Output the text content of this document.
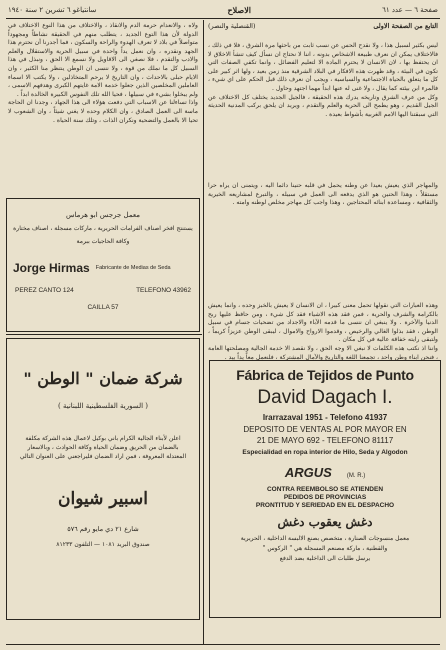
صفحة ٦ — عدد ٦١
الاصلاح
سانتياغو ٦ تشرين ٢ سنة ١٩٤٠
ولاه ، والانعدام حرمة الدم والانقاذ ، والاختلاف من هذا النوع الاختلاف في الدولة لأن هذا التوع الجديد ، يتطلب منهم في الحقيقة نشاطاً ومجهوداً متواصلاً في بلاد لا تعرف الهدوء والراحة والسكون ، فما أجدرنا أن نحترم هذا الجهد ونقدره ، وان نعمل يداً واحدة في سبيل الحرية والاستقلال والعلم والادب والتقدم ، فلا نصغي الى الاقاويل ولا نسمع الا الحق ، ونبذل في هذا السبيل كل ما نملك من قوة ، ولا ننسى ان الوطن ينتظر منا الكثير ، وان الايام حبلى بالاحداث ، وان التاريخ لا يرحم المتخاذلين ، ولا يكتب الا اسماء العاملين المخلصين الذين جعلوا خدمة الامة غايتهم الكبرى وهدفهم الاسمى ، ولم يبخلوا بشيء في سبيلها ، فحيا الله تلك النفوس الكبيرة الخالدة ابداً .
واذا تساءلنا عن الاسباب التي دفعت هؤلاء الى هذا الجهاد ، وجدنا ان الحاجة ماسة الى العمل الصادق ، وان الكلام وحده لا يغني شيئاً ، وان الشعوب لا تحيا الا بالعمل والتضحية ونكران الذات ، وتلك سنة الحياة .
التابع من الصفحة الاولى
(القنصلية والنصر)
ليس بكثير لسبيل هذا ، ولا نقدح الحس عن نسب ثابت من باحثها مرة الشرق ، فلا في ذلك ، فالاختلاف يمكن ان نعرف طبيعة الاشخاص بدونه ، اننا لا نحتاج ان نسأل كيف تنشأ الاخلاق لا ان يحتفظ بها ، لان الانسان لا يحترم المادة الا لتعليم الفضائل ، وانما تكفي الصفات التي تكون في البيئة ، وقد ظهرت هذه الافكار في البلاد الشرقية منذ زمن بعيد ، ولها اثر كبير على كل ما يتعلق بالحياة الاجتماعية والسياسية ، ويجب أن نعرف ذلك قبل الحكم على اي شيء ، فالمرء ابن بيئته كما يقال ، ولا غنى له عنها ابداً مهما اجتهد وحاول .
وكل من عرف الشرق وتاريخه يدرك هذه الحقيقة ، فالجيل الجديد يختلف كل الاختلاف عن الجيل القديم ، وهو يطمح الى الحرية والعلم والتقدم ، ويريد ان يلحق بركب المدنية الحديثة التي سبقتنا اليها الامم الغربية بأشواط بعيدة .
والمهاجر الذي يعيش بعيداً عن وطنه يحمل في قلبه حنيناً دائماً اليه ، ويتمنى ان يراه حراً مستقلاً ، وهذا الحنين هو الذي يدفعه الى العمل في سبيله ، والتبرع لمشاريعه الخيرية والثقافية ، ومساعدة ابنائه المحتاجين ، وهذا واجب كل مهاجر مخلص لوطنه وامته .
وهذه العبارات التي نقولها تحمل معنى كبيراً ، ان الانسان لا يعيش بالخبز وحده ، وانما يعيش بالكرامة والشرف والحرية ، فمن فقد هذه الاشياء فقد كل شيء ، ومن حافظ عليها ربح الدنيا والآخرة . ولا ينبغي ان ننسى ما قدمه الآباء والاجداد من تضحيات جسام في سبيل الوطن ، فقد بذلوا الغالي والرخيص ، وقدموا الارواح والاموال ، ليبقى الوطن عزيزاً كريماً ، ولتبقى رايته خفاقة عالية في كل مكان .
واننا اذ نكتب هذه الكلمات لا نبغي الا وجه الحق ، ولا نقصد الا خدمة الجالية ومصلحتها العامة ، فنحن ابناء وطن واحد ، تجمعنا اللغة والتاريخ والآمال المشتركة ، فلنعمل معاً يداً بيد .
معمل جرجس ابو هرماس
يستنتج افخر اصناف الفرامات الحريرية ، ماركات مسجلة ، اصناف مختارة
وكافة الحاجيات ببرمة
Jorge Hirmas Fabricante de Medias de Seda
PEREZ CANTO 124	TELEFONO 43962
CAILLA 57
شركة ضمان " الوطن "
( السورية الفلسطينية اللبنانية )
اعلن لأبناء الجالية الكرام باني بوكيل لاعمال هذه الشركة مكلفة بالضمان من الحريق وضمان الحياة وكافة الحوادث ، وبالاسعار المعتدلة المعروفة ، فمن اراد الضمان فليراجعني على العنوان التالي
اسبير شيوان
شارع ٢١ دي مايو رقم ٥٧٦
صندوق البريد ١٠٨١ — التلفون ٨١٢٣٣
Fábrica de Tejidos de Punto
David Dagach I.
Irarrazaval 1951 - Telefono 41937
DEPOSITO DE VENTAS AL POR MAYOR EN
21 DE MAYO 692 - TELEFONO 81117
Especialidad en ropa interior de Hilo, Seda y Algodon
ARGUS	(M. R.)
CONTRA REEMBOLSO SE ATIENDEN
PEDIDOS DE PROVINCIAS
PRONTITUD Y SERIEDAD EN EL DESPACHO
دغش يعقوب دغش
معمل منسوجات الصنارة ، متخصص بصنع الالبسة الداخلية ، الحريرية
والقطنية ، ماركة مصنعم المسجلة هي " الركوس "
يرسل طلبات الى الداخلية بضد الدفع
